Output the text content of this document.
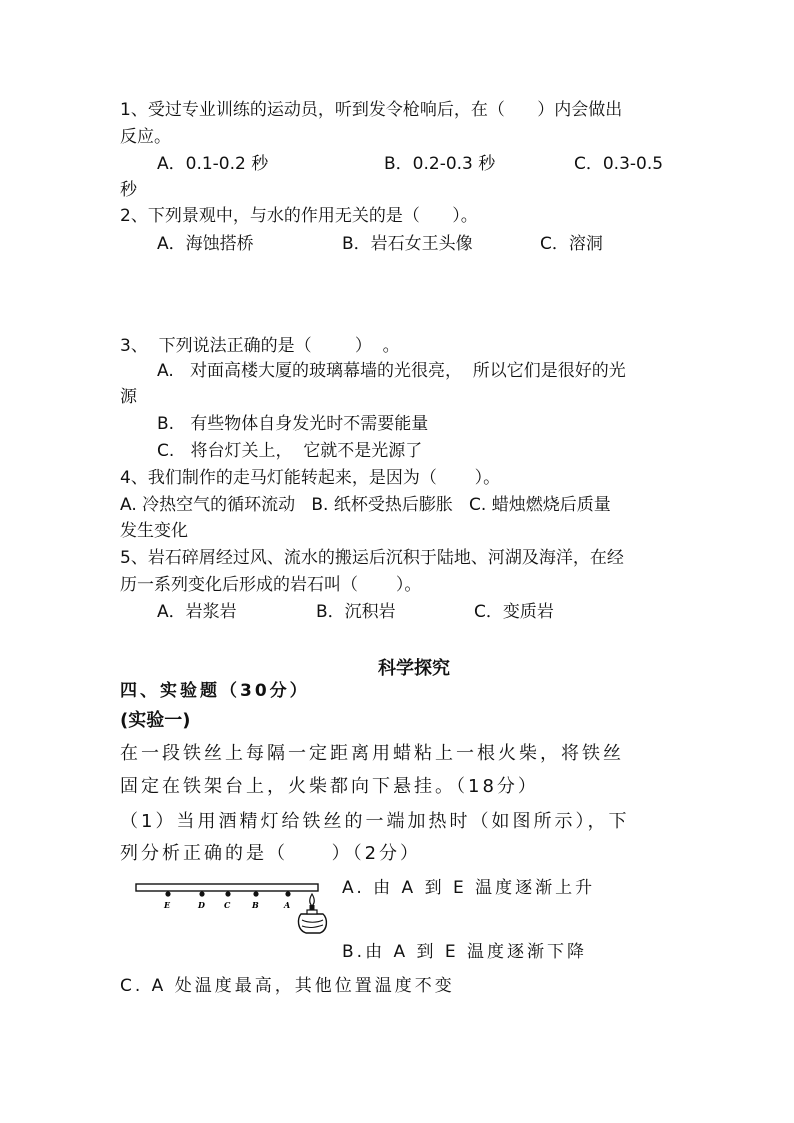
1、受过专业训练的运动员，听到发令枪响后，在（      ）内会做出
反应。
A．0.1-0.2 秒	B．0.2-0.3 秒	C．0.3-0.5
秒
2、下列景观中，与水的作用无关的是（      ）。
A．海蚀搭桥	B．岩石女王头像	C．溶洞
3、  下列说法正确的是（        ）  。
A.   对面高楼大厦的玻璃幕墙的光很亮，  所以它们是很好的光
源
B.   有些物体自身发光时不需要能量
C.   将台灯关上，  它就不是光源了
4、我们制作的走马灯能转起来，是因为（       ）。
A. 冷热空气的循环流动   B. 纸杯受热后膨胀   C. 蜡烛燃烧后质量
发生变化
5、岩石碎屑经过风、流水的搬运后沉积于陆地、河湖及海洋，在经
历一系列变化后形成的岩石叫（       ）。
A．岩浆岩	B．沉积岩	C．变质岩
科学探究
四、实验题（30分）
(实验一)
在一段铁丝上每隔一定距离用蜡粘上一根火柴，将铁丝
固定在铁架台上，火柴都向下悬挂。（18分）
（1）当用酒精灯给铁丝的一端加热时（如图所示），下
列分析正确的是（     ）（2分）
E	D C	B	A
A. 由 A 到 E 温度逐渐上升
B.由 A 到 E 温度逐渐下降
C. A 处温度最高，其他位置温度不变
